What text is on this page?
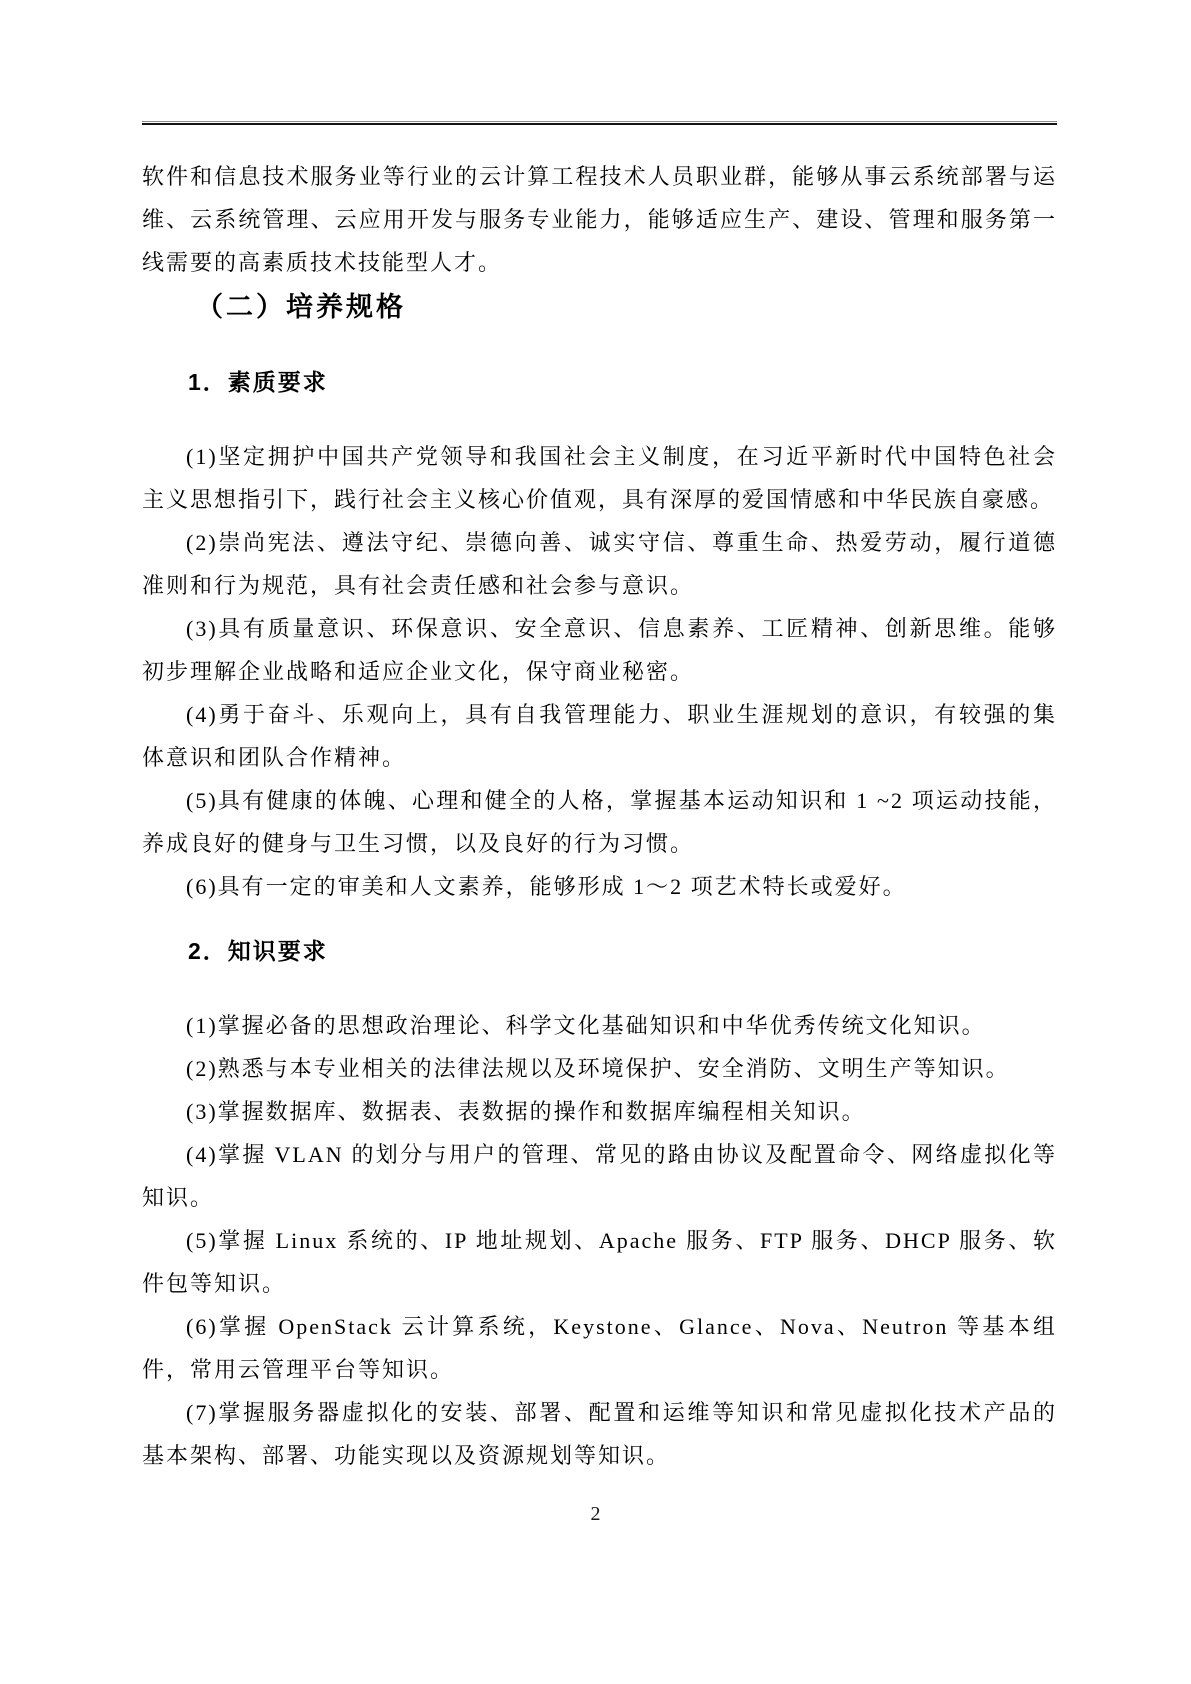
软件和信息技术服务业等行业的云计算工程技术人员职业群，能够从事云系统部署与运维、云系统管理、云应用开发与服务专业能力，能够适应生产、建设、管理和服务第一线需要的高素质技术技能型人才。

（二）培养规格
1．素质要求

(1)坚定拥护中国共产党领导和我国社会主义制度，在习近平新时代中国特色社会主义思想指引下，践行社会主义核心价值观，具有深厚的爱国情感和中华民族自豪感。

(2)崇尚宪法、遵法守纪、崇德向善、诚实守信、尊重生命、热爱劳动，履行道德准则和行为规范，具有社会责任感和社会参与意识。

(3)具有质量意识、环保意识、安全意识、信息素养、工匠精神、创新思维。能够初步理解企业战略和适应企业文化，保守商业秘密。

(4)勇于奋斗、乐观向上，具有自我管理能力、职业生涯规划的意识，有较强的集体意识和团队合作精神。

(5)具有健康的体魄、心理和健全的人格，掌握基本运动知识和 1 ~2 项运动技能，养成良好的健身与卫生习惯，以及良好的行为习惯。

(6)具有一定的审美和人文素养，能够形成 1～2 项艺术特长或爱好。

2．知识要求

(1)掌握必备的思想政治理论、科学文化基础知识和中华优秀传统文化知识。

(2)熟悉与本专业相关的法律法规以及环境保护、安全消防、文明生产等知识。

(3)掌握数据库、数据表、表数据的操作和数据库编程相关知识。

(4)掌握 VLAN 的划分与用户的管理、常见的路由协议及配置命令、网络虚拟化等知识。

(5)掌握 Linux 系统的、IP 地址规划、Apache 服务、FTP 服务、DHCP 服务、软件包等知识。

(6)掌握 OpenStack 云计算系统，Keystone、Glance、Nova、Neutron 等基本组件，常用云管理平台等知识。

(7)掌握服务器虚拟化的安装、部署、配置和运维等知识和常见虚拟化技术产品的基本架构、部署、功能实现以及资源规划等知识。

2
